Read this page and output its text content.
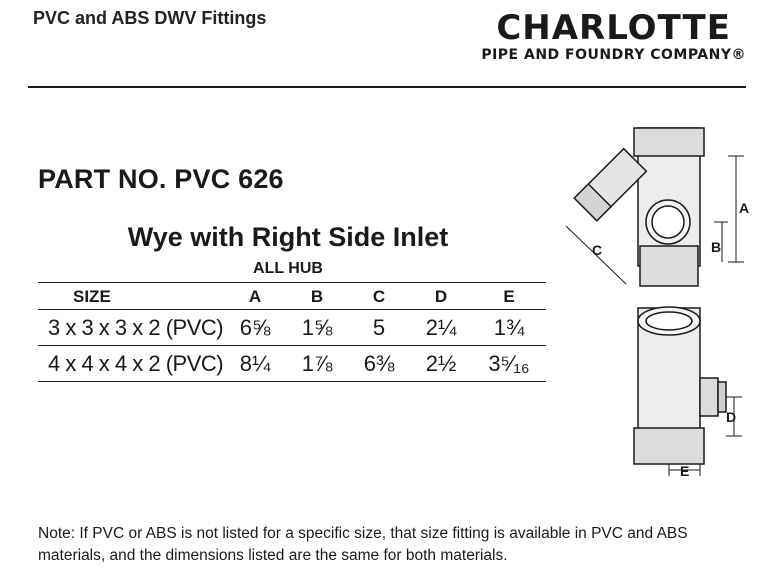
PVC and ABS DWV Fittings	CHARLOTTE
PIPE AND FOUNDRY COMPANY®
PART NO. PVC 626
Wye with Right Side Inlet
ALL HUB
SIZE	A	B	C	D	E
3 x 3 x 3 x 2 (PVC)	6⅝	1⅝	5	2¼	1¾
4 x 4 x 4 x 2 (PVC)	8¼	1⅞	6⅜	2½	3⁵⁄₁₆
A
B
C
D
E
Note: If PVC or ABS is not listed for a specific size, that size fitting is available in PVC and ABS materials, and the dimensions listed are the same for both materials.
